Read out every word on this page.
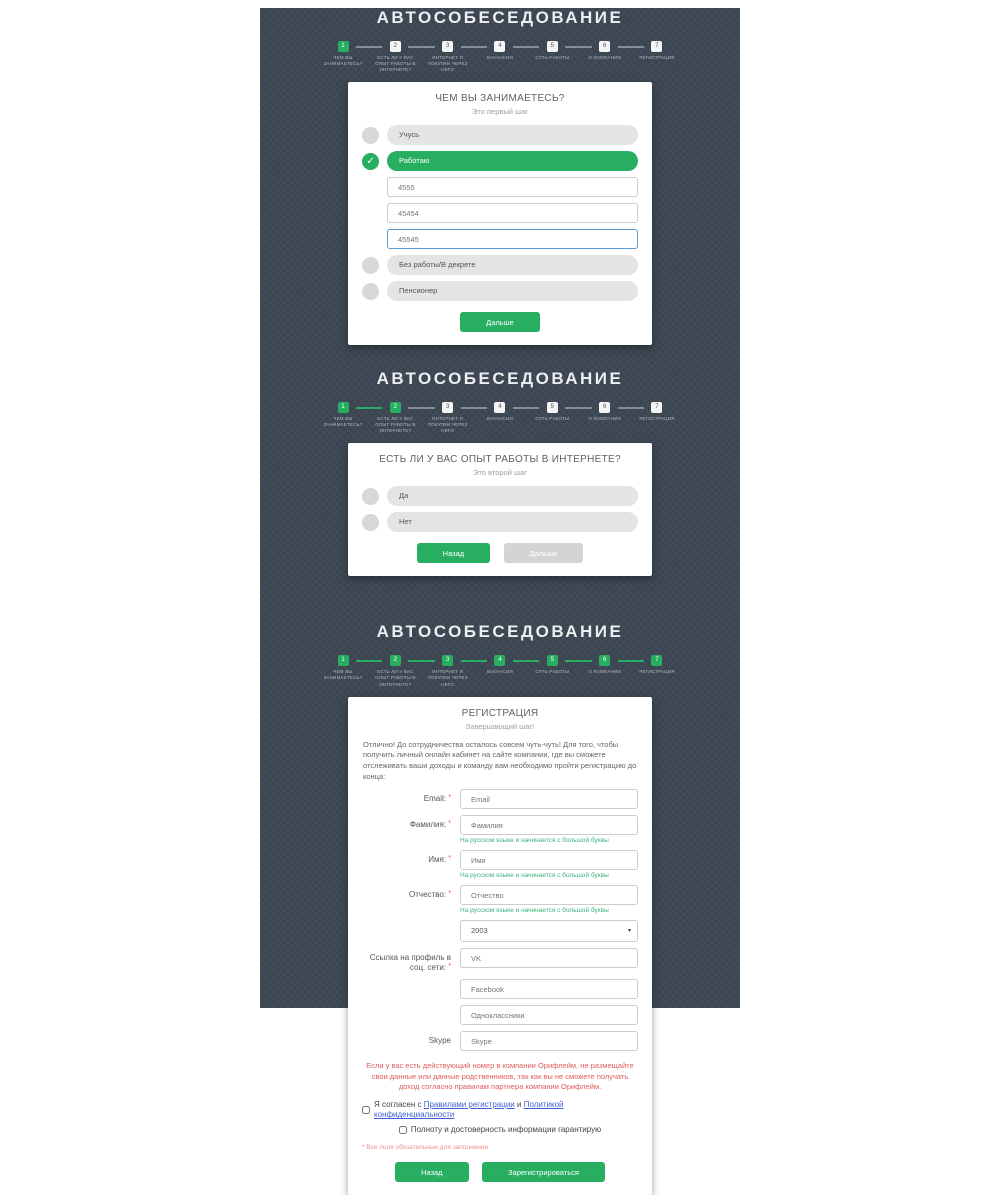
АВТОСОБЕСЕДОВАНИЕ
1
ЧЕМ ВЫ ЗАНИМАЕТЕСЬ?
2
ЕСТЬ ЛИ У ВАС ОПЫТ РАБОТЫ В ИНТЕРНЕТЕ?
3
ИНТЕРНЕТ И ПОКУПКИ ЧЕРЕЗ НЕГО
4
ВАКАНСИИ
5
СУТЬ РАБОТЫ
6
О КОМПАНИИ
7
РЕГИСТРАЦИЯ
ЧЕМ ВЫ ЗАНИМАЕТЕСЬ?
Это первый шаг
Учусь
✓	Работаю
4555
45454
45545
Без работы/В декрете
Пенсионер
Дальше
АВТОСОБЕСЕДОВАНИЕ
1
ЧЕМ ВЫ ЗАНИМАЕТЕСЬ?
2
ЕСТЬ ЛИ У ВАС ОПЫТ РАБОТЫ В ИНТЕРНЕТЕ?
3
ИНТЕРНЕТ И ПОКУПКИ ЧЕРЕЗ НЕГО
4
ВАКАНСИИ
5
СУТЬ РАБОТЫ
6
О КОМПАНИИ
7
РЕГИСТРАЦИЯ
ЕСТЬ ЛИ У ВАС ОПЫТ РАБОТЫ В ИНТЕРНЕТЕ?
Это второй шаг
Да
Нет
Назад	Дальше
АВТОСОБЕСЕДОВАНИЕ
1
ЧЕМ ВЫ ЗАНИМАЕТЕСЬ?
2
ЕСТЬ ЛИ У ВАС ОПЫТ РАБОТЫ В ИНТЕРНЕТЕ?
3
ИНТЕРНЕТ И ПОКУПКИ ЧЕРЕЗ НЕГО
4
ВАКАНСИИ
5
СУТЬ РАБОТЫ
6
О КОМПАНИИ
7
РЕГИСТРАЦИЯ
РЕГИСТРАЦИЯ
Завершающий шаг!

Отлично! До сотрудничества осталось совсем чуть-чуть! Для того, чтобы получить личный онлайн кабинет на сайте компании, где вы сможете отслеживать ваши доходы и команду вам необходимо пройти регистрацию до конца:

Email: *
Email
Фамилия: *
Фамилия
На русском языке и начинается с большой буквы
Имя: *
Имя
На русском языке и начинается с большой буквы
Отчество: *
Отчество
На русском языке и начинается с большой буквы
2003	▾
Ссылка на профиль в соц. сети: *
VK
Facebook
Одноклассники
Skype
Skype

Если у вас есть действующий номер в компании Орифлейм, не размещайте свои данные или данные родственников, так как вы не сможете получать доход согласно правилам партнера компании Орифлейм.

Я согласен с Правилами регистрации и Политикой конфиденциальности
Полноту и достоверность информации гарантирую
* Все поля обязательные для заполнения
Назад	Зарегистрироваться
